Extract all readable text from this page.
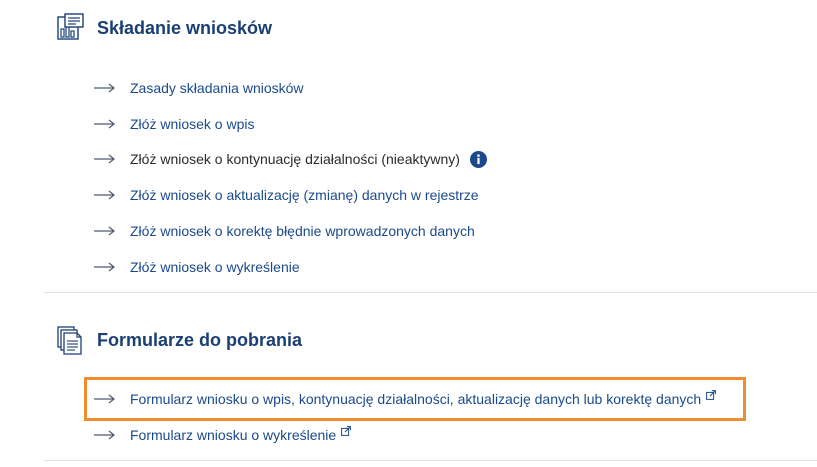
Składanie wniosków
Zasady składania wniosków
Złóż wniosek o wpis
Złóż wniosek o kontynuację działalności (nieaktywny)
Złóż wniosek o aktualizację (zmianę) danych w rejestrze
Złóż wniosek o korektę błędnie wprowadzonych danych
Złóż wniosek o wykreślenie
Formularze do pobrania
Formularz wniosku o wpis, kontynuację działalności, aktualizację danych lub korektę danych
Formularz wniosku o wykreślenie
